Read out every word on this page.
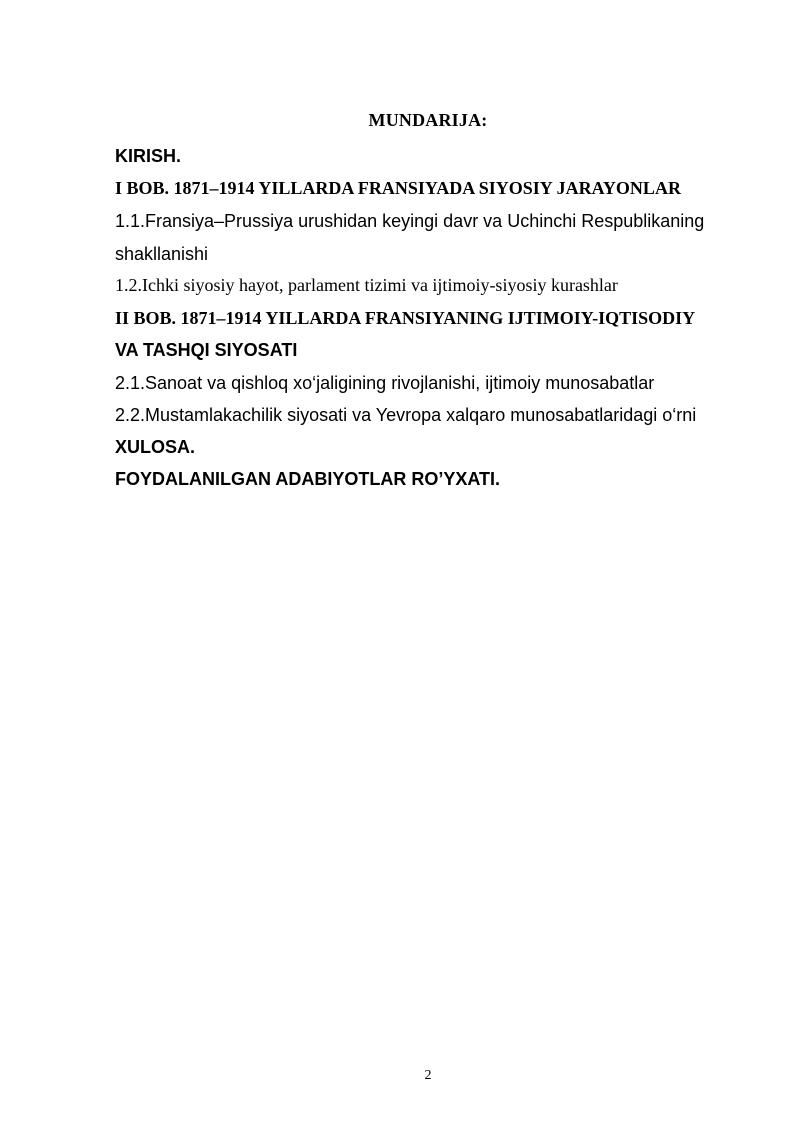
MUNDARIJA:
KIRISH.
I BOB. 1871–1914 YILLARDA FRANSIYADA SIYOSIY JARAYONLAR
1.1.Fransiya–Prussiya urushidan keyingi davr va Uchinchi Respublikaning
shakllanishi
1.2.Ichki siyosiy hayot, parlament tizimi va ijtimoiy-siyosiy kurashlar
II BOB. 1871–1914 YILLARDA FRANSIYANING IJTIMOIY-IQTISODIY
VA TASHQI SIYOSATI
2.1.Sanoat va qishloq xo‘jaligining rivojlanishi, ijtimoiy munosabatlar
2.2.Mustamlakachilik siyosati va Yevropa xalqaro munosabatlaridagi o‘rni
XULOSA.
FOYDALANILGAN ADABIYOTLAR RO’YXATI.
2
